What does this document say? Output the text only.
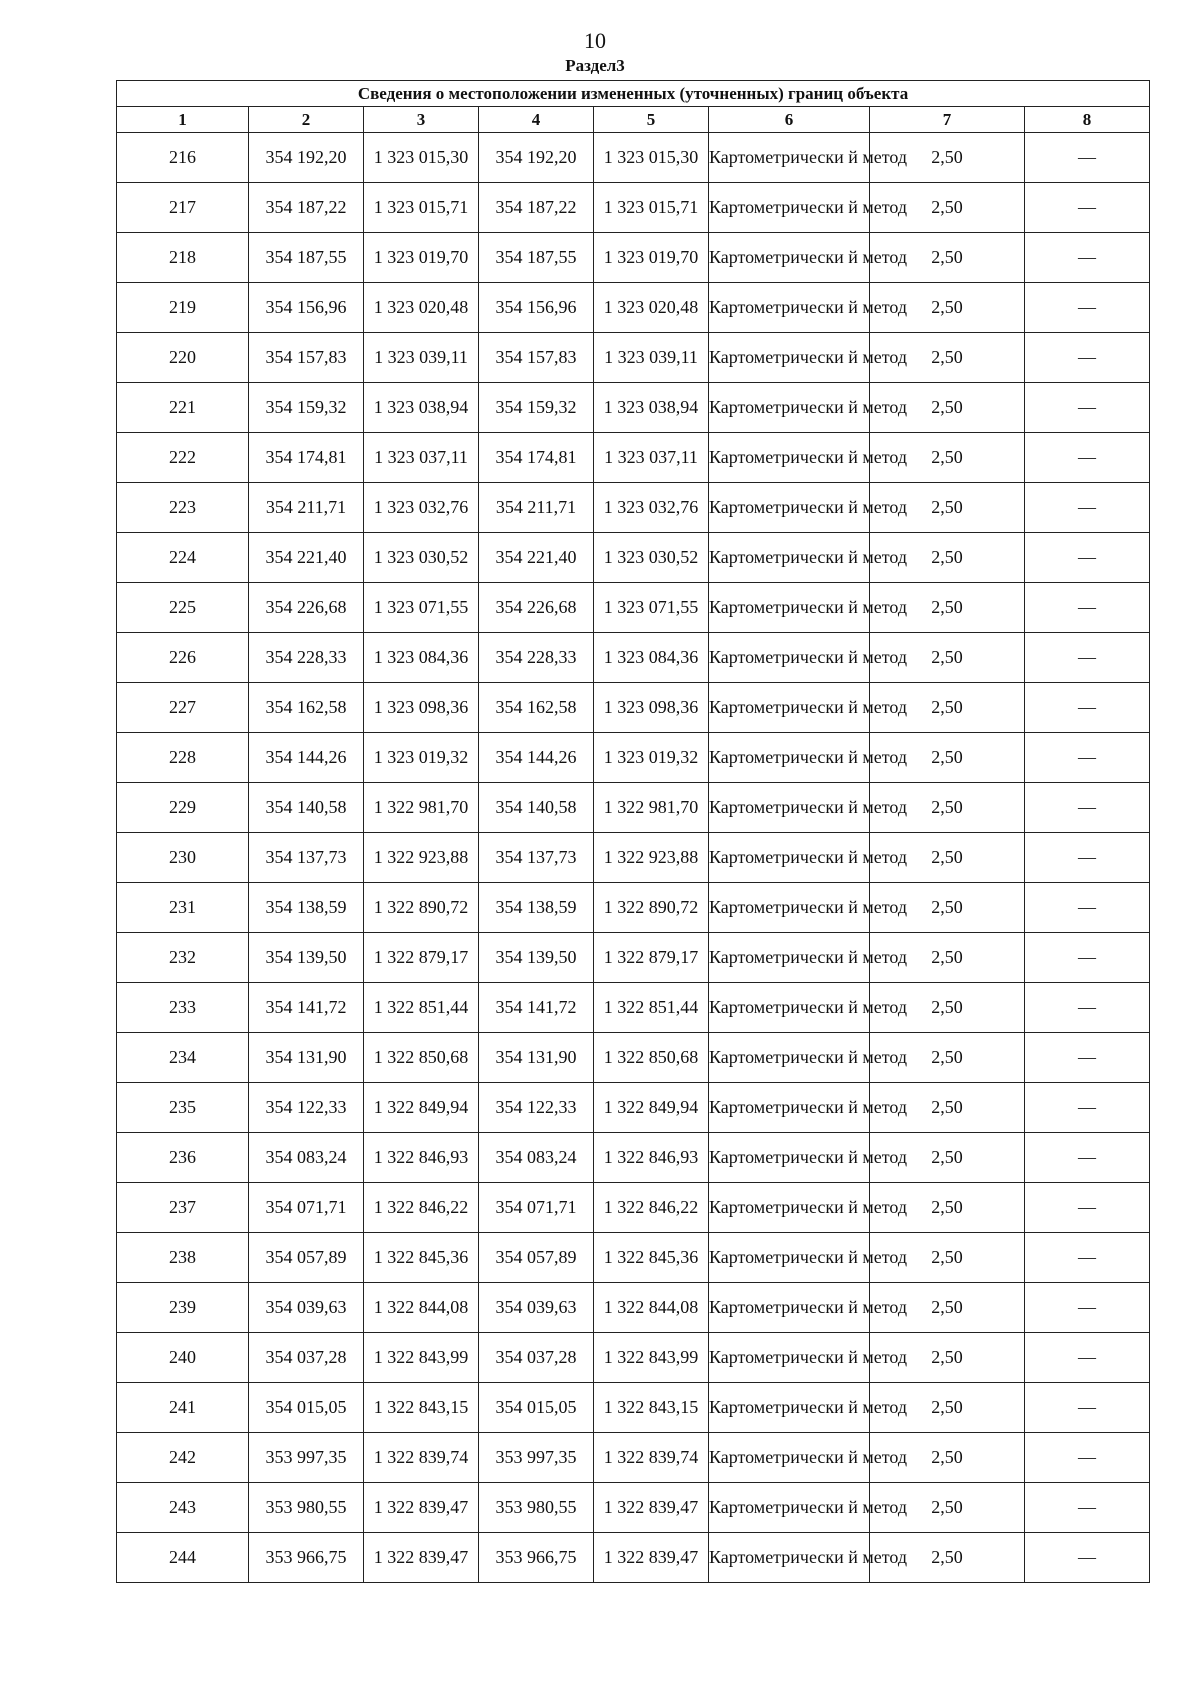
10
Раздел3
Сведения о местоположении измененных (уточненных) границ объекта							
1	2	3	4	5	6	7	8
216	354 192,20	1 323 015,30	354 192,20	1 323 015,30	Картометрически й метод	2,50	—
217	354 187,22	1 323 015,71	354 187,22	1 323 015,71	Картометрически й метод	2,50	—
218	354 187,55	1 323 019,70	354 187,55	1 323 019,70	Картометрически й метод	2,50	—
219	354 156,96	1 323 020,48	354 156,96	1 323 020,48	Картометрически й метод	2,50	—
220	354 157,83	1 323 039,11	354 157,83	1 323 039,11	Картометрически й метод	2,50	—
221	354 159,32	1 323 038,94	354 159,32	1 323 038,94	Картометрически й метод	2,50	—
222	354 174,81	1 323 037,11	354 174,81	1 323 037,11	Картометрически й метод	2,50	—
223	354 211,71	1 323 032,76	354 211,71	1 323 032,76	Картометрически й метод	2,50	—
224	354 221,40	1 323 030,52	354 221,40	1 323 030,52	Картометрически й метод	2,50	—
225	354 226,68	1 323 071,55	354 226,68	1 323 071,55	Картометрически й метод	2,50	—
226	354 228,33	1 323 084,36	354 228,33	1 323 084,36	Картометрически й метод	2,50	—
227	354 162,58	1 323 098,36	354 162,58	1 323 098,36	Картометрически й метод	2,50	—
228	354 144,26	1 323 019,32	354 144,26	1 323 019,32	Картометрически й метод	2,50	—
229	354 140,58	1 322 981,70	354 140,58	1 322 981,70	Картометрически й метод	2,50	—
230	354 137,73	1 322 923,88	354 137,73	1 322 923,88	Картометрически й метод	2,50	—
231	354 138,59	1 322 890,72	354 138,59	1 322 890,72	Картометрически й метод	2,50	—
232	354 139,50	1 322 879,17	354 139,50	1 322 879,17	Картометрически й метод	2,50	—
233	354 141,72	1 322 851,44	354 141,72	1 322 851,44	Картометрически й метод	2,50	—
234	354 131,90	1 322 850,68	354 131,90	1 322 850,68	Картометрически й метод	2,50	—
235	354 122,33	1 322 849,94	354 122,33	1 322 849,94	Картометрически й метод	2,50	—
236	354 083,24	1 322 846,93	354 083,24	1 322 846,93	Картометрически й метод	2,50	—
237	354 071,71	1 322 846,22	354 071,71	1 322 846,22	Картометрически й метод	2,50	—
238	354 057,89	1 322 845,36	354 057,89	1 322 845,36	Картометрически й метод	2,50	—
239	354 039,63	1 322 844,08	354 039,63	1 322 844,08	Картометрически й метод	2,50	—
240	354 037,28	1 322 843,99	354 037,28	1 322 843,99	Картометрически й метод	2,50	—
241	354 015,05	1 322 843,15	354 015,05	1 322 843,15	Картометрически й метод	2,50	—
242	353 997,35	1 322 839,74	353 997,35	1 322 839,74	Картометрически й метод	2,50	—
243	353 980,55	1 322 839,47	353 980,55	1 322 839,47	Картометрически й метод	2,50	—
244	353 966,75	1 322 839,47	353 966,75	1 322 839,47	Картометрически й метод	2,50	—
